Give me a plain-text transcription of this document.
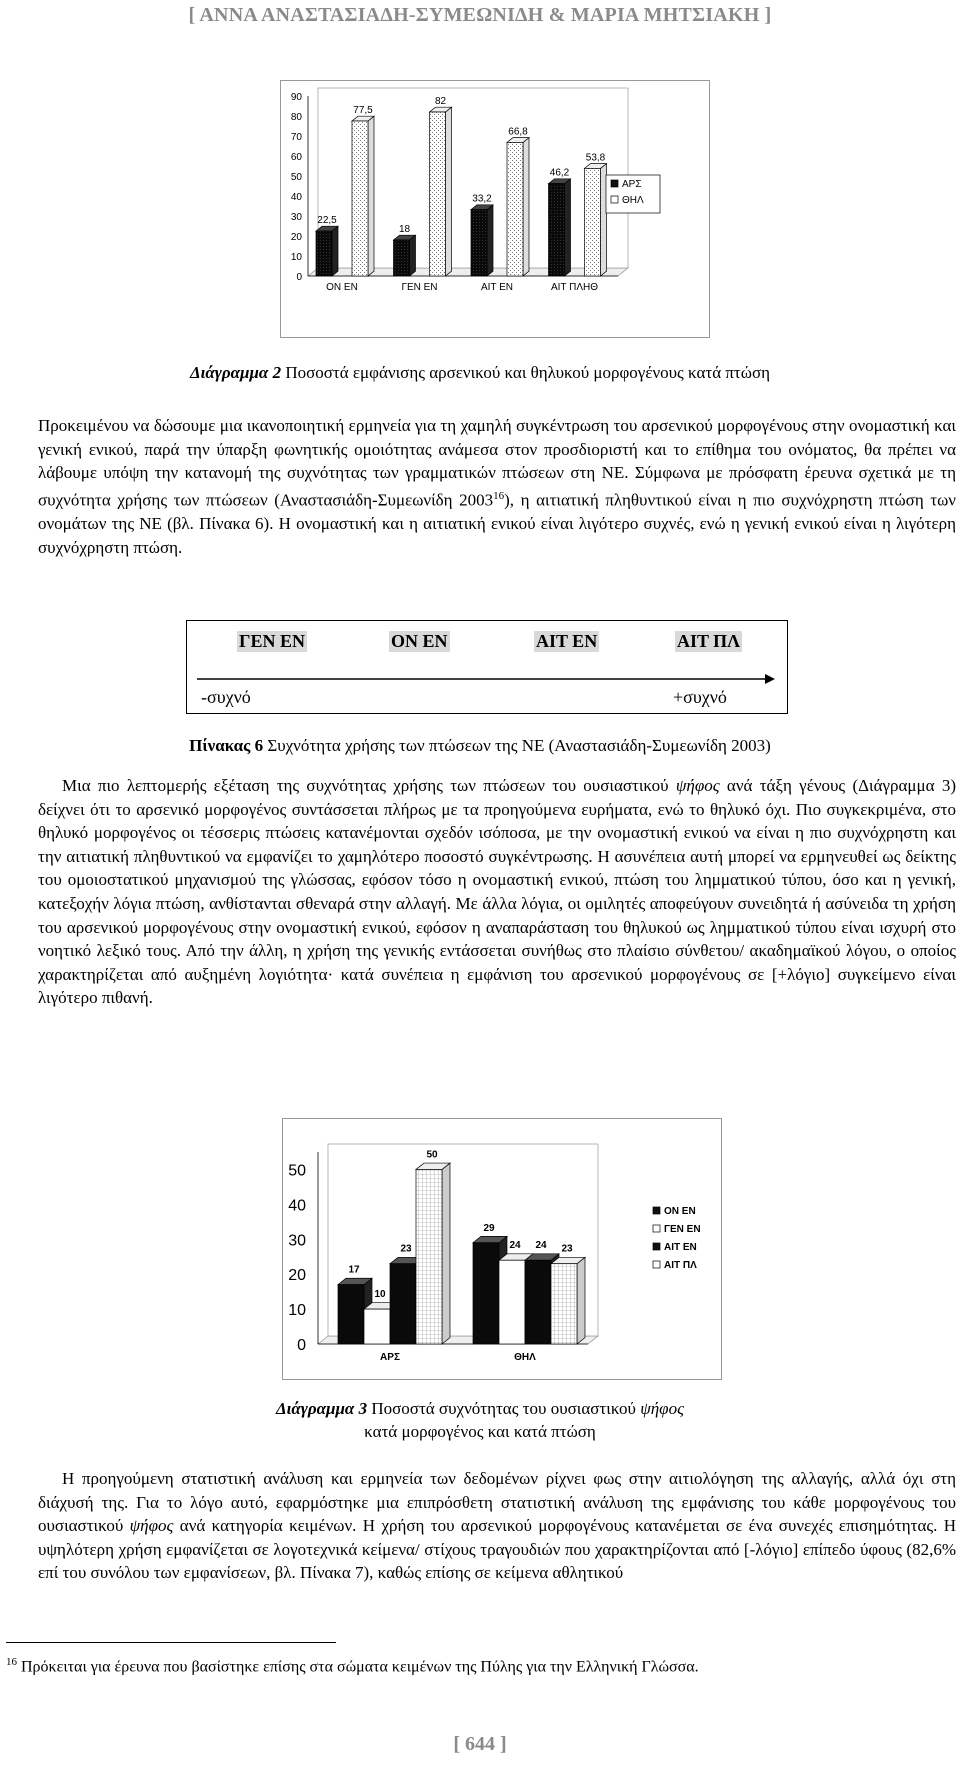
[ ΑΝΝΑ ΑΝΑΣΤΑΣΙΑΔΗ-ΣΥΜΕΩΝΙΔΗ & ΜΑΡΙΑ ΜΗΤΣΙΑΚΗ ]
0
10
20
30
40
50
60
70
80
90
22,5
77,5
ΟΝ ΕΝ
18
82
ΓΕΝ ΕΝ
33,2
66,8
ΑΙΤ ΕΝ
46,2
53,8
ΑΙΤ ΠΛΗΘ
ΑΡΣ
ΘΗΛ
Διάγραμμα 2 Ποσοστά εμφάνισης αρσενικού και θηλυκού μορφογένους κατά πτώση

Προκειμένου να δώσουμε μια ικανοποιητική ερμηνεία για τη χαμηλή συγκέντρωση του αρσενικού μορφογένους στην ονομαστική και γενική ενικού, παρά την ύπαρξη φωνητικής ομοιότητας ανάμεσα στον προσδιοριστή και το επίθημα του ονόματος, θα πρέπει να λάβουμε υπόψη την κατανομή της συχνότητας των γραμματικών πτώσεων στη ΝΕ. Σύμφωνα με πρόσφατη έρευνα σχετικά με τη συχνότητα χρήσης των πτώσεων (Αναστασιάδη-Συμεωνίδη 2003$^{16}$), η αιτιατική πληθυντικού είναι η πιο συχνόχρηστη πτώση των ονομάτων της ΝΕ (βλ. Πίνακα 6). Η ονομαστική και η αιτιατική ενικού είναι λιγότερο συχνές, ενώ η γενική ενικού είναι η λιγότερη συχνόχρηστη πτώση.

ΓΕΝ ΕΝ	ΟΝ ΕΝ	ΑΙΤ ΕΝ	ΑΙΤ ΠΛ
-συχνό	+συχνό
Πίνακας 6 Συχνότητα χρήσης των πτώσεων της ΝΕ (Αναστασιάδη-Συμεωνίδη 2003)

Μια πιο λεπτομερής εξέταση της συχνότητας χρήσης των πτώσεων του ουσιαστικού ψήφος ανά τάξη γένους (Διάγραμμα 3) δείχνει ότι το αρσενικό μορφογένος συντάσσεται πλήρως με τα προηγούμενα ευρήματα, ενώ το θηλυκό όχι. Πιο συγκεκριμένα, στο θηλυκό μορφογένος οι τέσσερις πτώσεις κατανέμονται σχεδόν ισόποσα, με την ονομαστική ενικού να είναι η πιο συχνόχρηστη και την αιτιατική πληθυντικού να εμφανίζει το χαμηλότερο ποσοστό συγκέντρωσης. Η ασυνέπεια αυτή μπορεί να ερμηνευθεί ως δείκτης του ομοιοστατικού μηχανισμού της γλώσσας, εφόσον τόσο η ονομαστική ενικού, πτώση του λημματικού τύπου, όσο και η γενική, κατεξοχήν λόγια πτώση, ανθίστανται σθεναρά στην αλλαγή. Με άλλα λόγια, οι ομιλητές αποφεύγουν συνειδητά ή ασύνειδα τη χρήση του αρσενικού μορφογένους στην ονομαστική ενικού, εφόσον η αναπαράσταση του θηλυκού ως λημματικού τύπου είναι ισχυρή στο νοητικό λεξικό τους. Από την άλλη, η χρήση της γενικής εντάσσεται συνήθως στο πλαίσιο σύνθετου/ ακαδημαϊκού λόγου, ο οποίος χαρακτηρίζεται από αυξημένη λογιότητα· κατά συνέπεια η εμφάνιση του αρσενικού μορφογένους σε [+λόγιο] συγκείμενο είναι λιγότερο πιθανή.

0
10
20
30
40
50
17
10
23
50
ΑΡΣ
29
24 24 23
ΘΗΛ
ΟΝ ΕΝ
ΓΕΝ ΕΝ
ΑΙΤ ΕΝ
ΑΙΤ ΠΛ
Διάγραμμα 3 Ποσοστά συχνότητας του ουσιαστικού ψήφος
κατά μορφογένος και κατά πτώση

Η προηγούμενη στατιστική ανάλυση και ερμηνεία των δεδομένων ρίχνει φως στην αιτιολόγηση της αλλαγής, αλλά όχι στη διάχυσή της. Για το λόγο αυτό, εφαρμόστηκε μια επιπρόσθετη στατιστική ανάλυση της εμφάνισης του κάθε μορφογένους του ουσιαστικού ψήφος ανά κατηγορία κειμένων. Η χρήση του αρσενικού μορφογένους κατανέμεται σε ένα συνεχές επισημότητας. Η υψηλότερη χρήση εμφανίζεται σε λογοτεχνικά κείμενα/ στίχους τραγουδιών που χαρακτηρίζονται από [-λόγιο] επίπεδο ύφους (82,6% επί του συνόλου των εμφανίσεων, βλ. Πίνακα 7), καθώς επίσης σε κείμενα αθλητικού

$^{16}$ Πρόκειται για έρευνα που βασίστηκε επίσης στα σώματα κειμένων της Πύλης για την Ελληνική Γλώσσα.
[ 644 ]
